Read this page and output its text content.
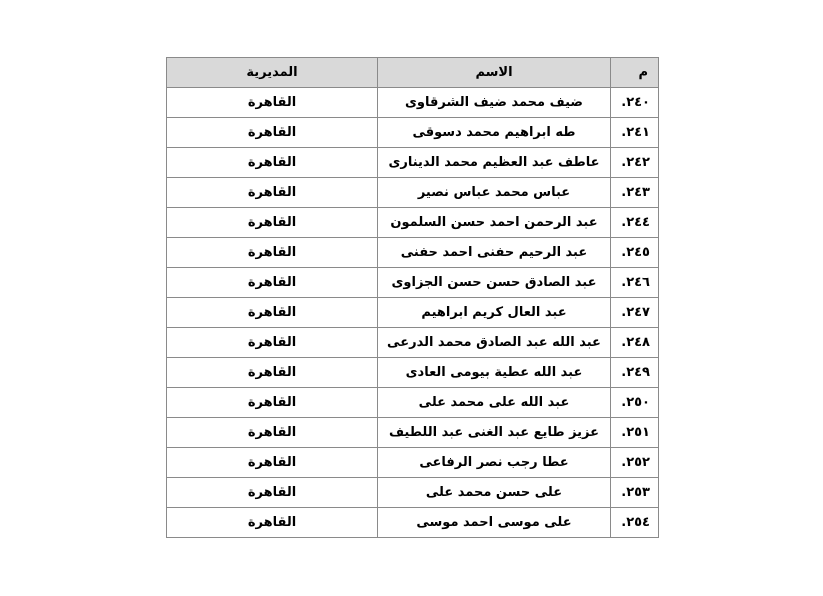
م	الاسم	المديرية
٢٤٠.	ضيف محمد ضيف الشرقاوى	القاهرة
٢٤١.	طه ابراهيم محمد دسوقى	القاهرة
٢٤٢.	عاطف عبد العظيم محمد الدينارى	القاهرة
٢٤٣.	عباس محمد عباس نصير	القاهرة
٢٤٤.	عبد الرحمن احمد حسن السلمون	القاهرة
٢٤٥.	عبد الرحيم حفنى احمد حفنى	القاهرة
٢٤٦.	عبد الصادق حسن حسن الجزاوى	القاهرة
٢٤٧.	عبد العال كريم ابراهيم	القاهرة
٢٤٨.	عبد الله عبد الصادق محمد الدرعى	القاهرة
٢٤٩.	عبد الله عطية بيومى العادى	القاهرة
٢٥٠.	عبد الله على محمد على	القاهرة
٢٥١.	عزيز طايع عبد الغنى عبد اللطيف	القاهرة
٢٥٢.	عطا رجب نصر الرفاعى	القاهرة
٢٥٣.	على حسن محمد على	القاهرة
٢٥٤.	على موسى احمد موسى	القاهرة
